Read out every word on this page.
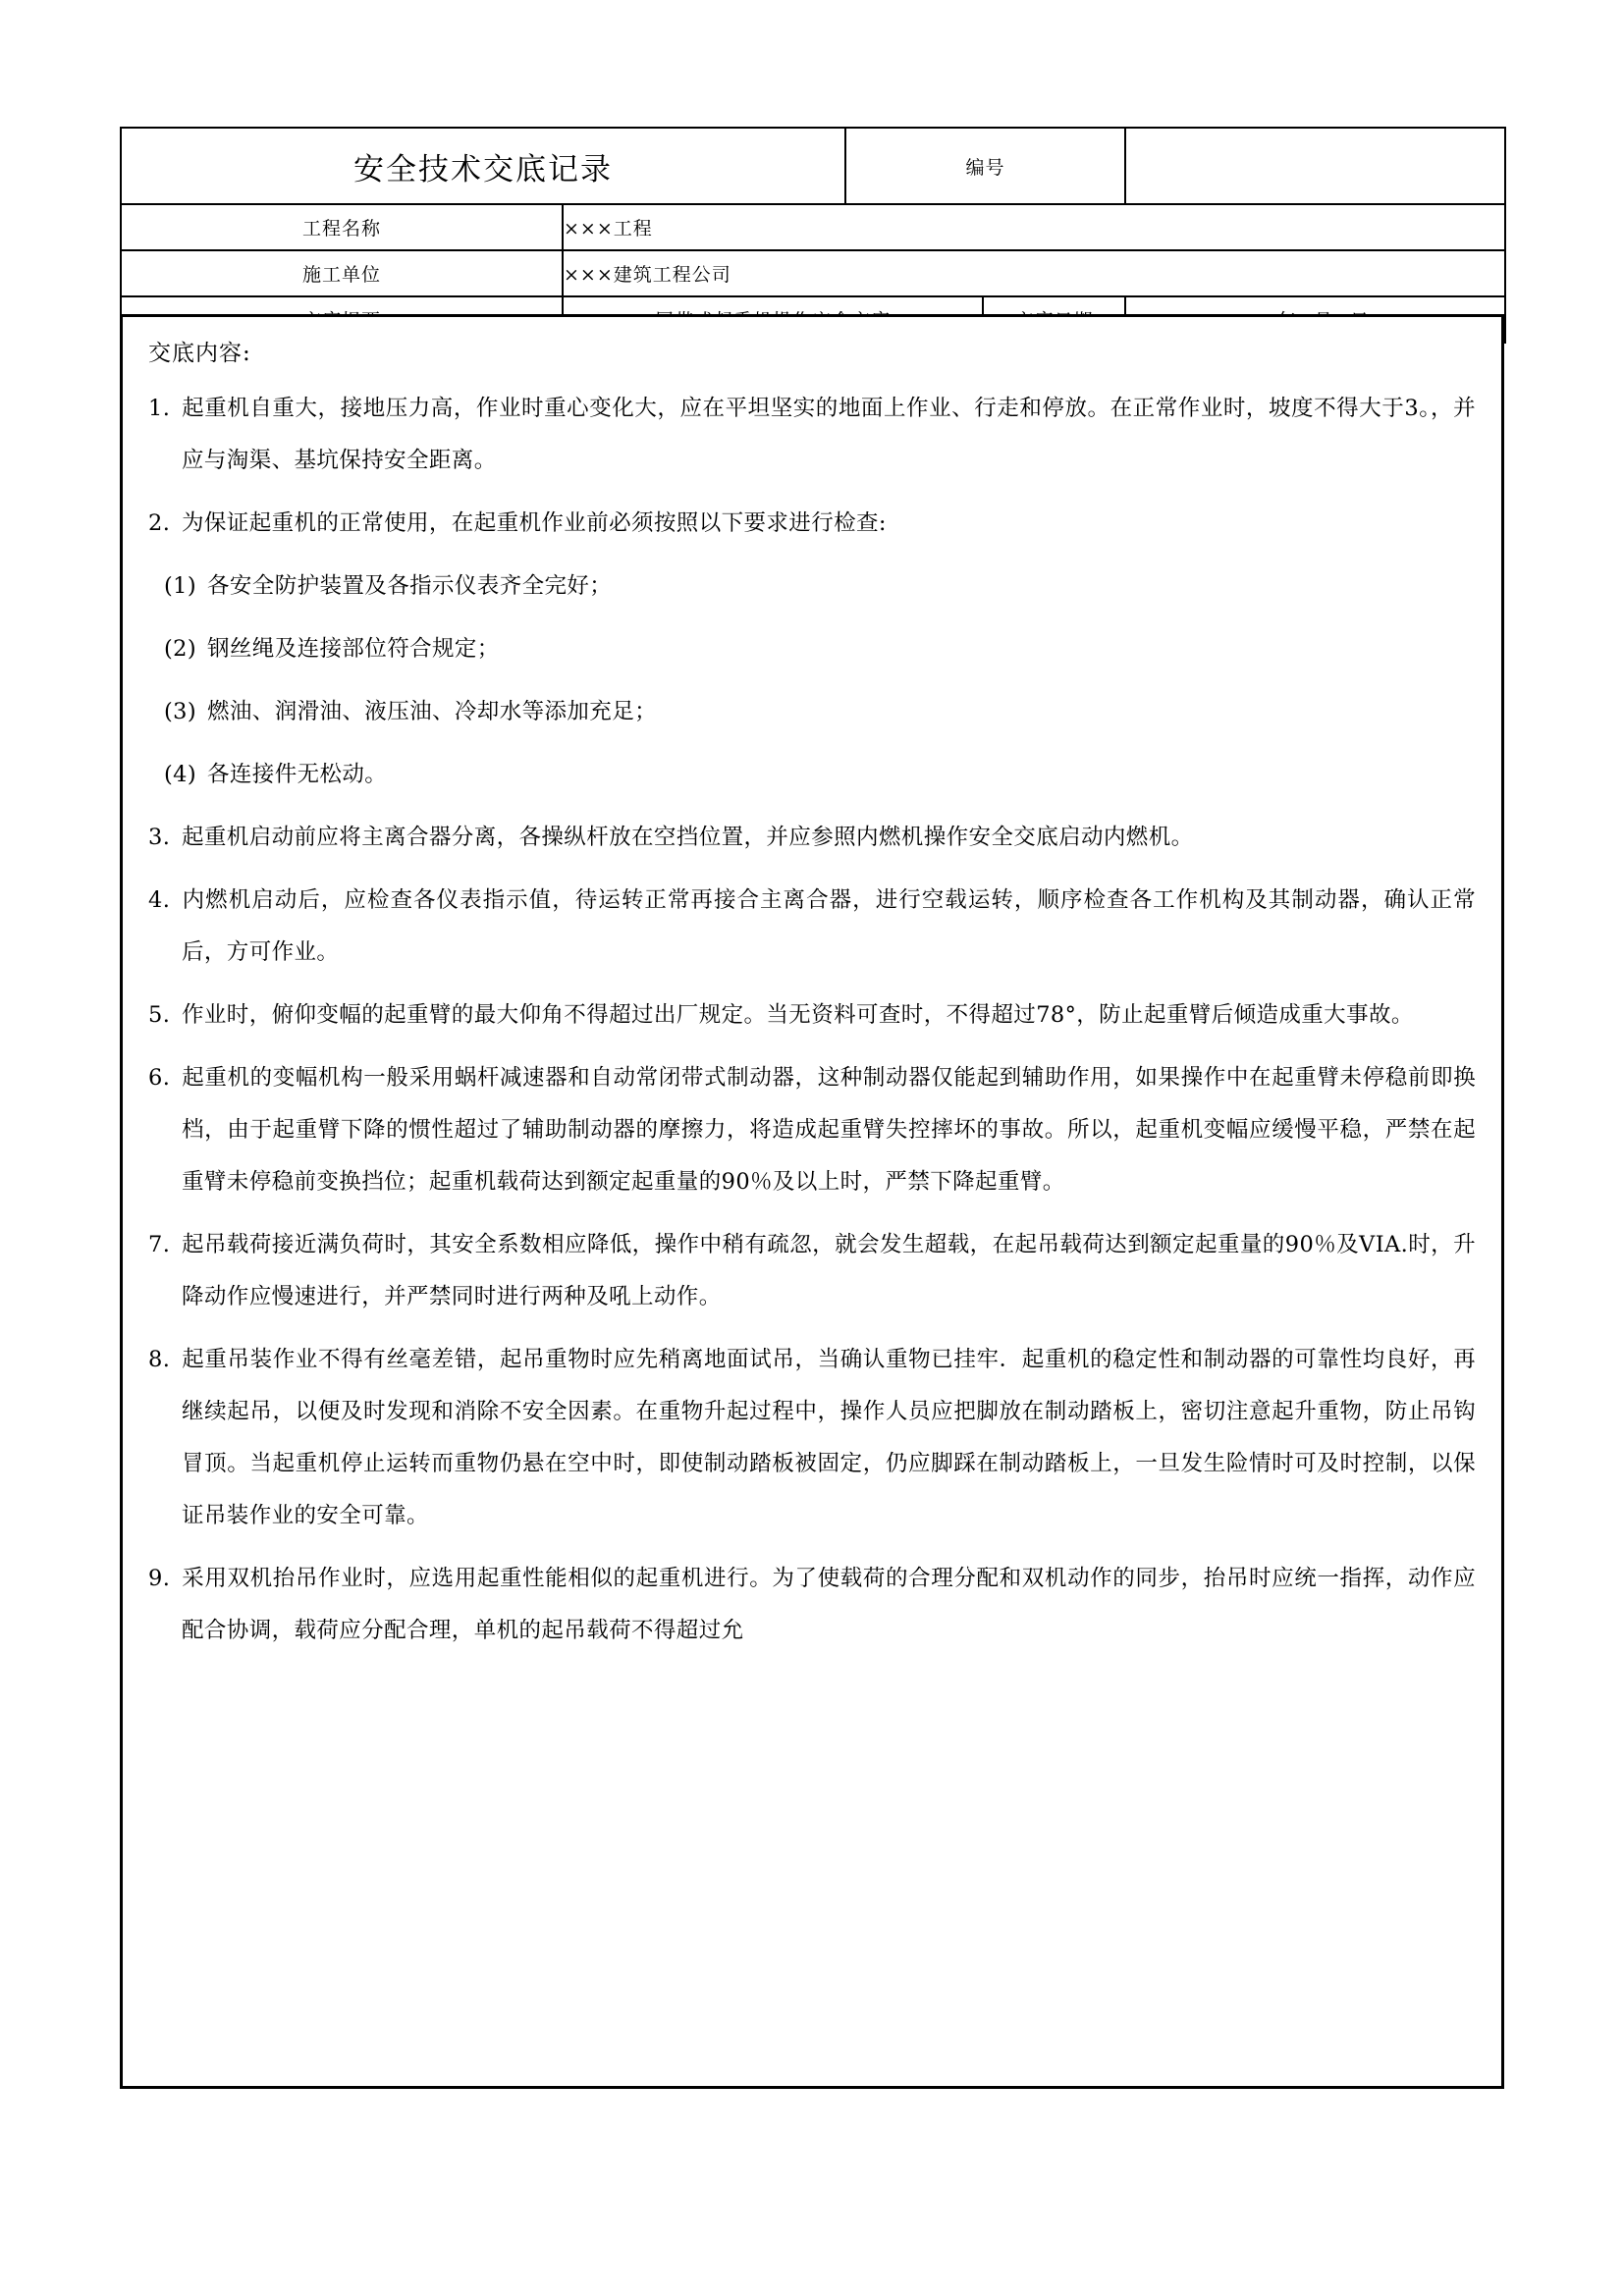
安全技术交底记录		编号		
工程名称	×××工程			
施工单位	×××建筑工程公司			

交底内容:
1. 起重机自重大，接地压力高，作业时重心变化大，应在平坦坚实的地面上作业、行走和停放。在正常作业时，坡度不得大于3。，并应与淘渠、基坑保持安全距离。
2. 为保证起重机的正常使用，在起重机作业前必须按照以下要求进行检查:
(1) 各安全防护装置及各指示仪表齐全完好；
(2) 钢丝绳及连接部位符合规定；
(3) 燃油、润滑油、液压油、冷却水等添加充足；
(4) 各连接件无松动。
3. 起重机启动前应将主离合器分离，各操纵杆放在空挡位置，并应参照内燃机操作安全交底启动内燃机。
4. 内燃机启动后，应检查各仪表指示值，待运转正常再接合主离合器，进行空载运转，顺序检查各工作机构及其制动器，确认正常后，方可作业。
5. 作业时，俯仰变幅的起重臂的最大仰角不得超过出厂规定。当无资料可查时，不得超过78°，防止起重臂后倾造成重大事故。
6. 起重机的变幅机构一般采用蜗杆减速器和自动常闭带式制动器，这种制动器仅能起到辅助作用，如果操作中在起重臂未停稳前即换档，由于起重臂下降的惯性超过了辅助制动器的摩擦力，将造成起重臂失控摔坏的事故。所以，起重机变幅应缓慢平稳，严禁在起重臂未停稳前变换挡位；起重机载荷达到额定起重量的90％及以上时，严禁下降起重臂。
7. 起吊载荷接近满负荷时，其安全系数相应降低，操作中稍有疏忽，就会发生超载，在起吊载荷达到额定起重量的90％及VIA.时，升降动作应慢速进行，并严禁同时进行两种及吼上动作。
8. 起重吊装作业不得有丝毫差错，起吊重物时应先稍离地面试吊，当确认重物已挂牢．起重机的稳定性和制动器的可靠性均良好，再继续起吊，以便及时发现和消除不安全因素。在重物升起过程中，操作人员应把脚放在制动踏板上，密切注意起升重物，防止吊钩冒顶。当起重机停止运转而重物仍悬在空中时，即使制动踏板被固定，仍应脚踩在制动踏板上，一旦发生险情时可及时控制，以保证吊装作业的安全可靠。
9. 采用双机抬吊作业时，应选用起重性能相似的起重机进行。为了使载荷的合理分配和双机动作的同步，抬吊时应统一指挥，动作应配合协调，载荷应分配合理，单机的起吊载荷不得超过允
